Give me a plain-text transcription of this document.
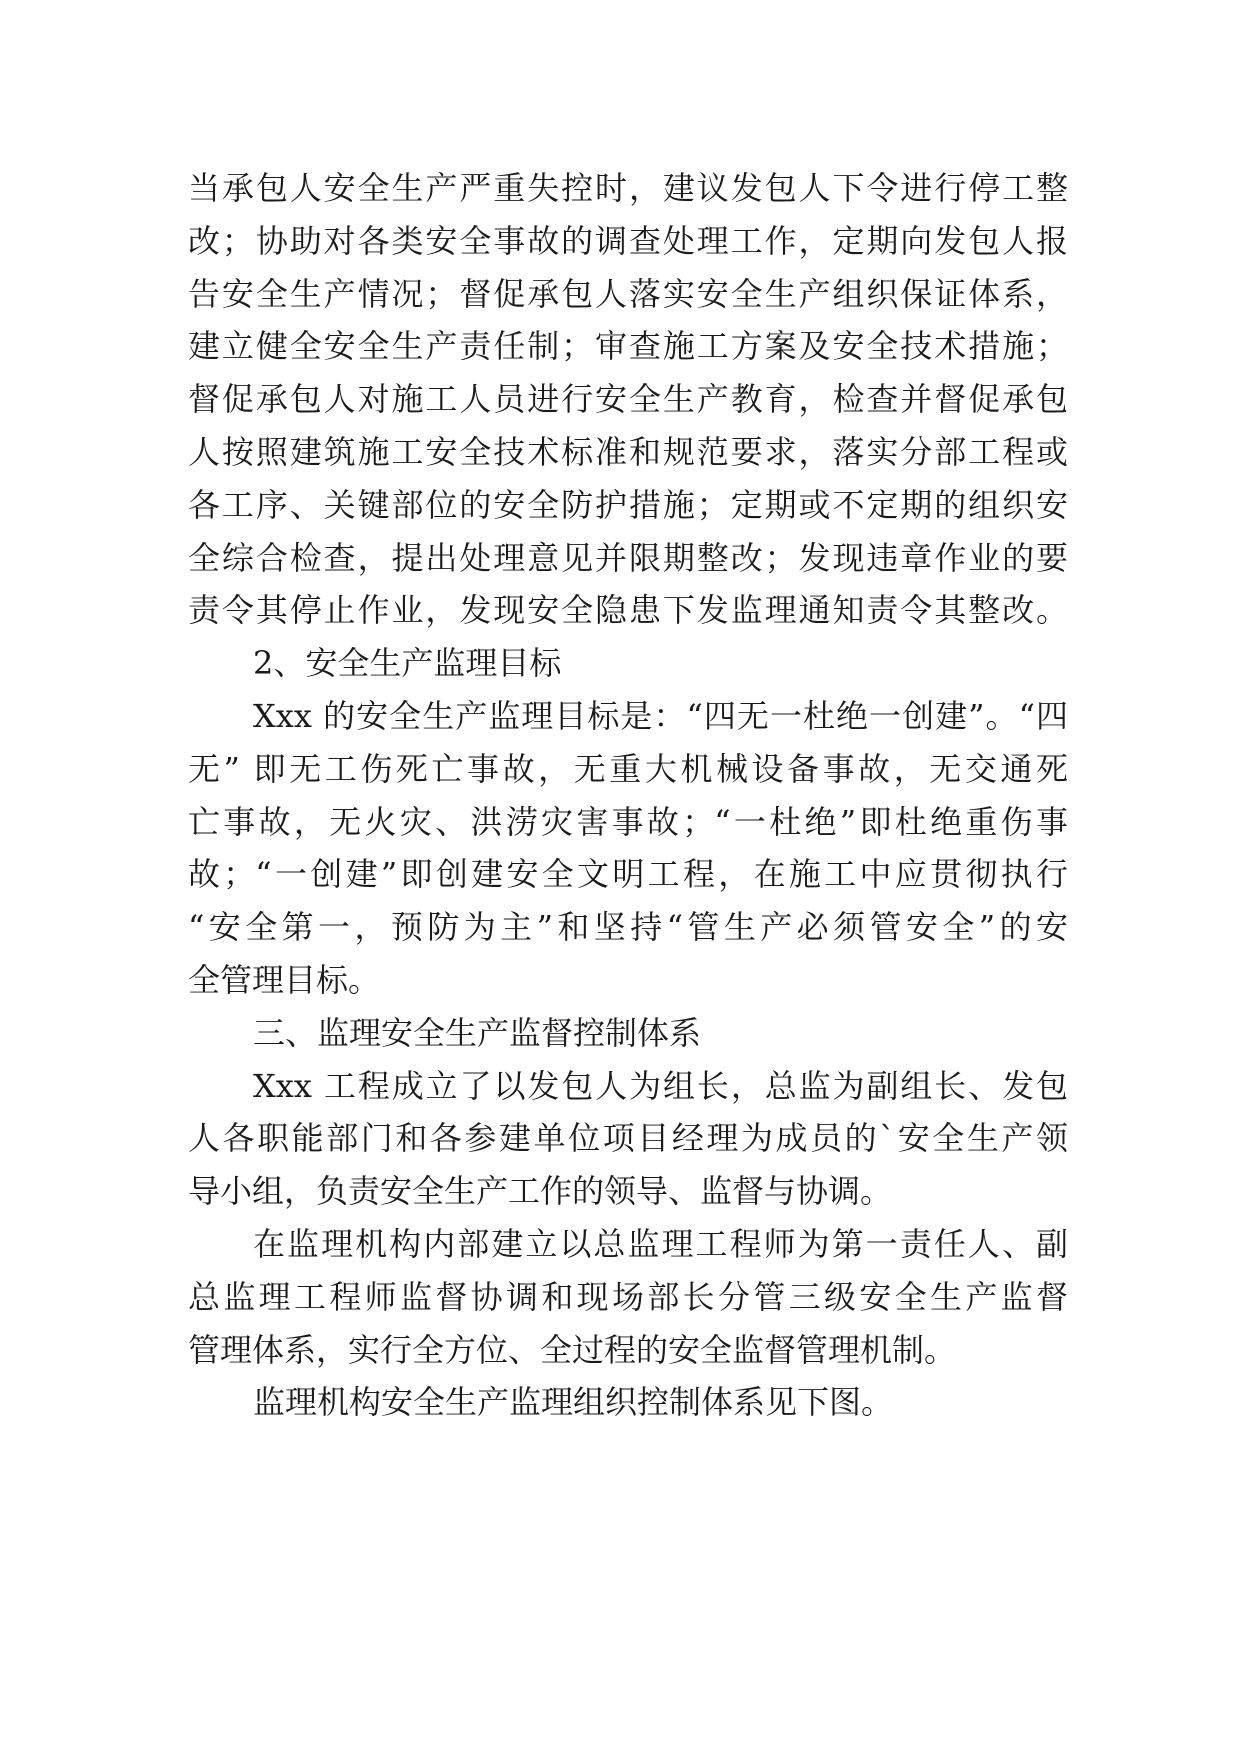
当承包人安全生产严重失控时，建议发包人下令进行停工整
改；协助对各类安全事故的调查处理工作，定期向发包人报
告安全生产情况；督促承包人落实安全生产组织保证体系，
建立健全安全生产责任制；审查施工方案及安全技术措施；
督促承包人对施工人员进行安全生产教育，检查并督促承包
人按照建筑施工安全技术标准和规范要求，落实分部工程或
各工序、关键部位的安全防护措施；定期或不定期的组织安
全综合检查，提出处理意见并限期整改；发现违章作业的要
责令其停止作业，发现安全隐患下发监理通知责令其整改。
2、安全生产监理目标
Xxx 的安全生产监理目标是：“四无一杜绝一创建”。“四
无” 即无工伤死亡事故，无重大机械设备事故，无交通死
亡事故，无火灾、洪涝灾害事故；“一杜绝”即杜绝重伤事
故；“一创建”即创建安全文明工程，在施工中应贯彻执行
“安全第一，预防为主”和坚持“管生产必须管安全”的安
全管理目标。
三、监理安全生产监督控制体系
Xxx 工程成立了以发包人为组长，总监为副组长、发包
人各职能部门和各参建单位项目经理为成员的`安全生产领
导小组，负责安全生产工作的领导、监督与协调。
在监理机构内部建立以总监理工程师为第一责任人、副
总监理工程师监督协调和现场部长分管三级安全生产监督
管理体系，实行全方位、全过程的安全监督管理机制。
监理机构安全生产监理组织控制体系见下图。
